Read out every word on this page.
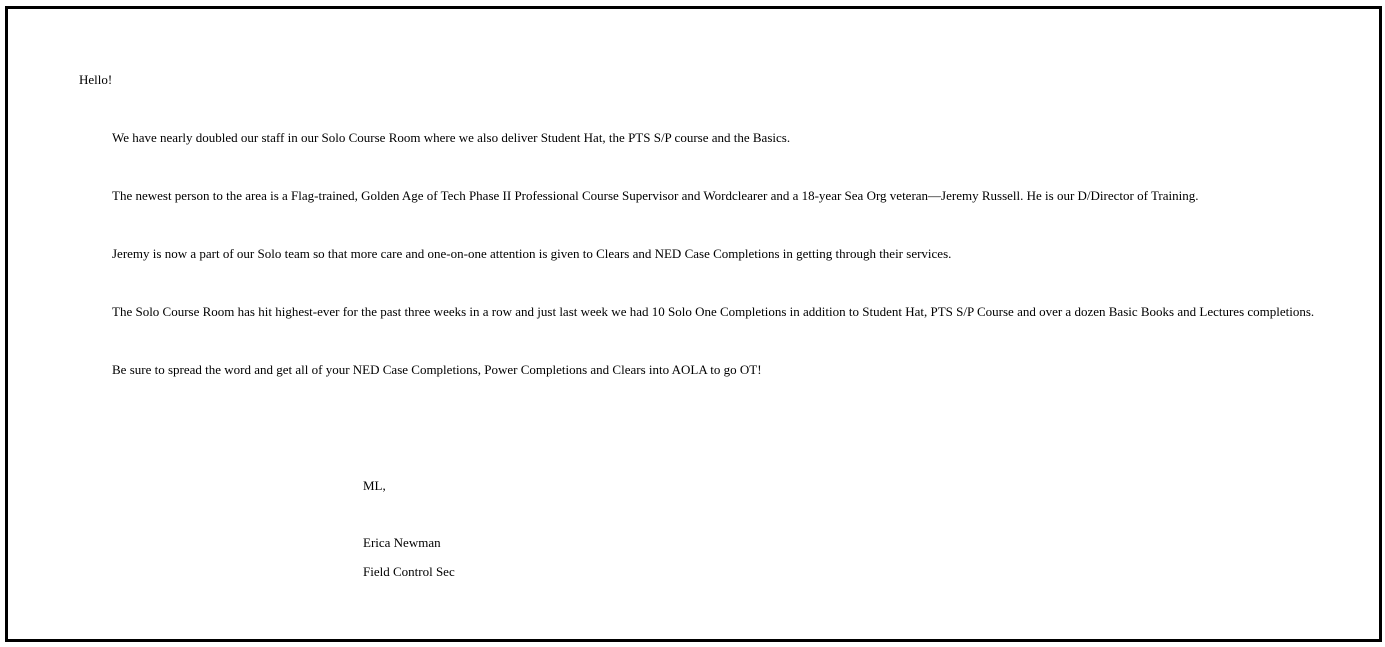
Hello!

We have nearly doubled our staff in our Solo Course Room where we also deliver Student Hat, the PTS S/P course and the Basics.

The newest person to the area is a Flag-trained, Golden Age of Tech Phase II Professional Course Supervisor and Wordclearer and a 18-year Sea Org veteran—Jeremy Russell. He is our D/Director of Training.

Jeremy is now a part of our Solo team so that more care and one-on-one attention is given to Clears and NED Case Completions in getting through their services.

The Solo Course Room has hit highest-ever for the past three weeks in a row and just last week we had 10 Solo One Completions in addition to Student Hat, PTS S/P Course and over a dozen Basic Books and Lectures completions.

Be sure to spread the word and get all of your NED Case Completions, Power Completions and Clears into AOLA to go OT!

ML,

Erica Newman

Field Control Sec
